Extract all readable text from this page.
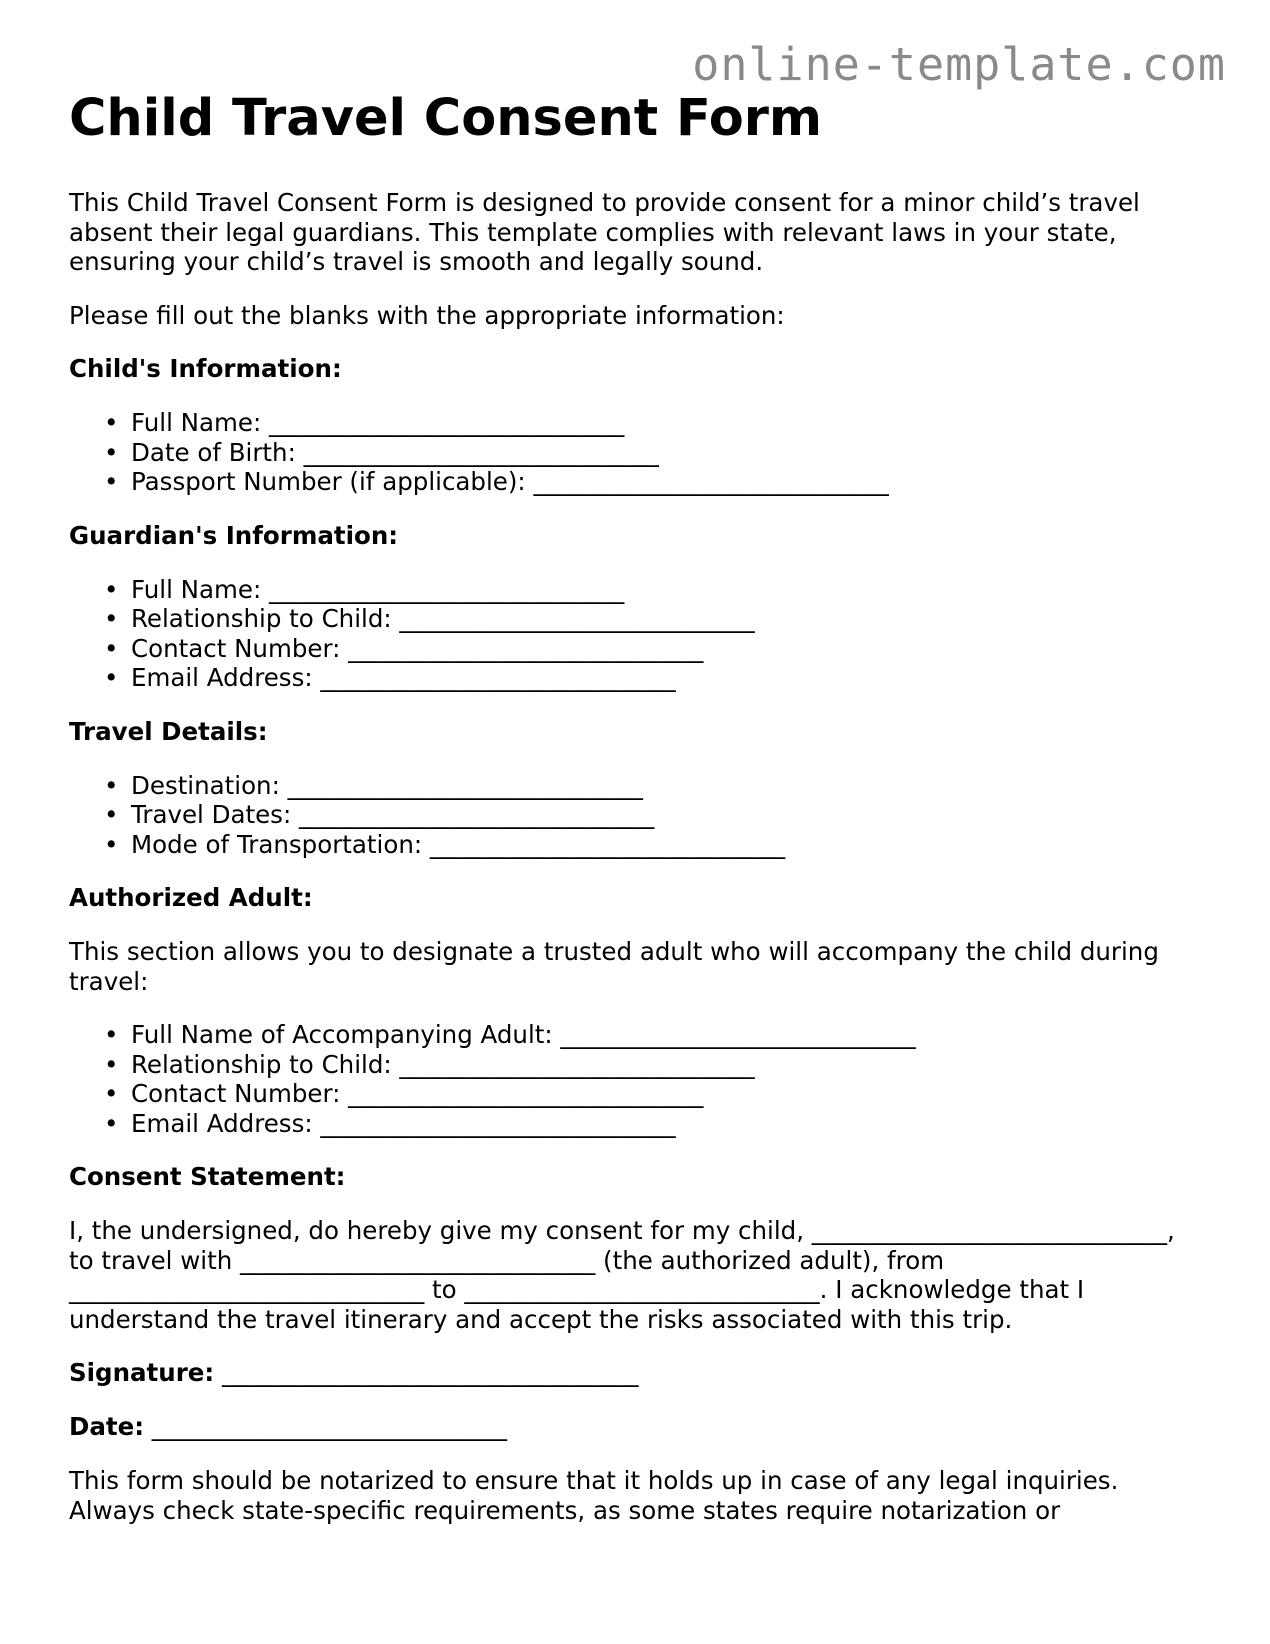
online-template.com
Child Travel Consent Form

This Child Travel Consent Form is designed to provide consent for a minor child’s travel absent their legal guardians. This template complies with relevant laws in your state, ensuring your child’s travel is smooth and legally sound.

Please fill out the blanks with the appropriate information:

Child's Information:
• Full Name: _____________________________
• Date of Birth: _____________________________
• Passport Number (if applicable): _____________________________
Guardian's Information:
• Full Name: _____________________________
• Relationship to Child: _____________________________
• Contact Number: _____________________________
• Email Address: _____________________________
Travel Details:
• Destination: _____________________________
• Travel Dates: _____________________________
• Mode of Transportation: _____________________________
Authorized Adult:

This section allows you to designate a trusted adult who will accompany the child during travel:

• Full Name of Accompanying Adult: _____________________________
• Relationship to Child: _____________________________
• Contact Number: _____________________________
• Email Address: _____________________________
Consent Statement:

I, the undersigned, do hereby give my consent for my child, _____________________________, to travel with _____________________________ (the authorized adult), from _____________________________ to _____________________________. I acknowledge that I understand the travel itinerary and accept the risks associated with this trip.

Signature: __________________________________
Date: _____________________________

This form should be notarized to ensure that it holds up in case of any legal inquiries. Always check state-specific requirements, as some states require notarization or
